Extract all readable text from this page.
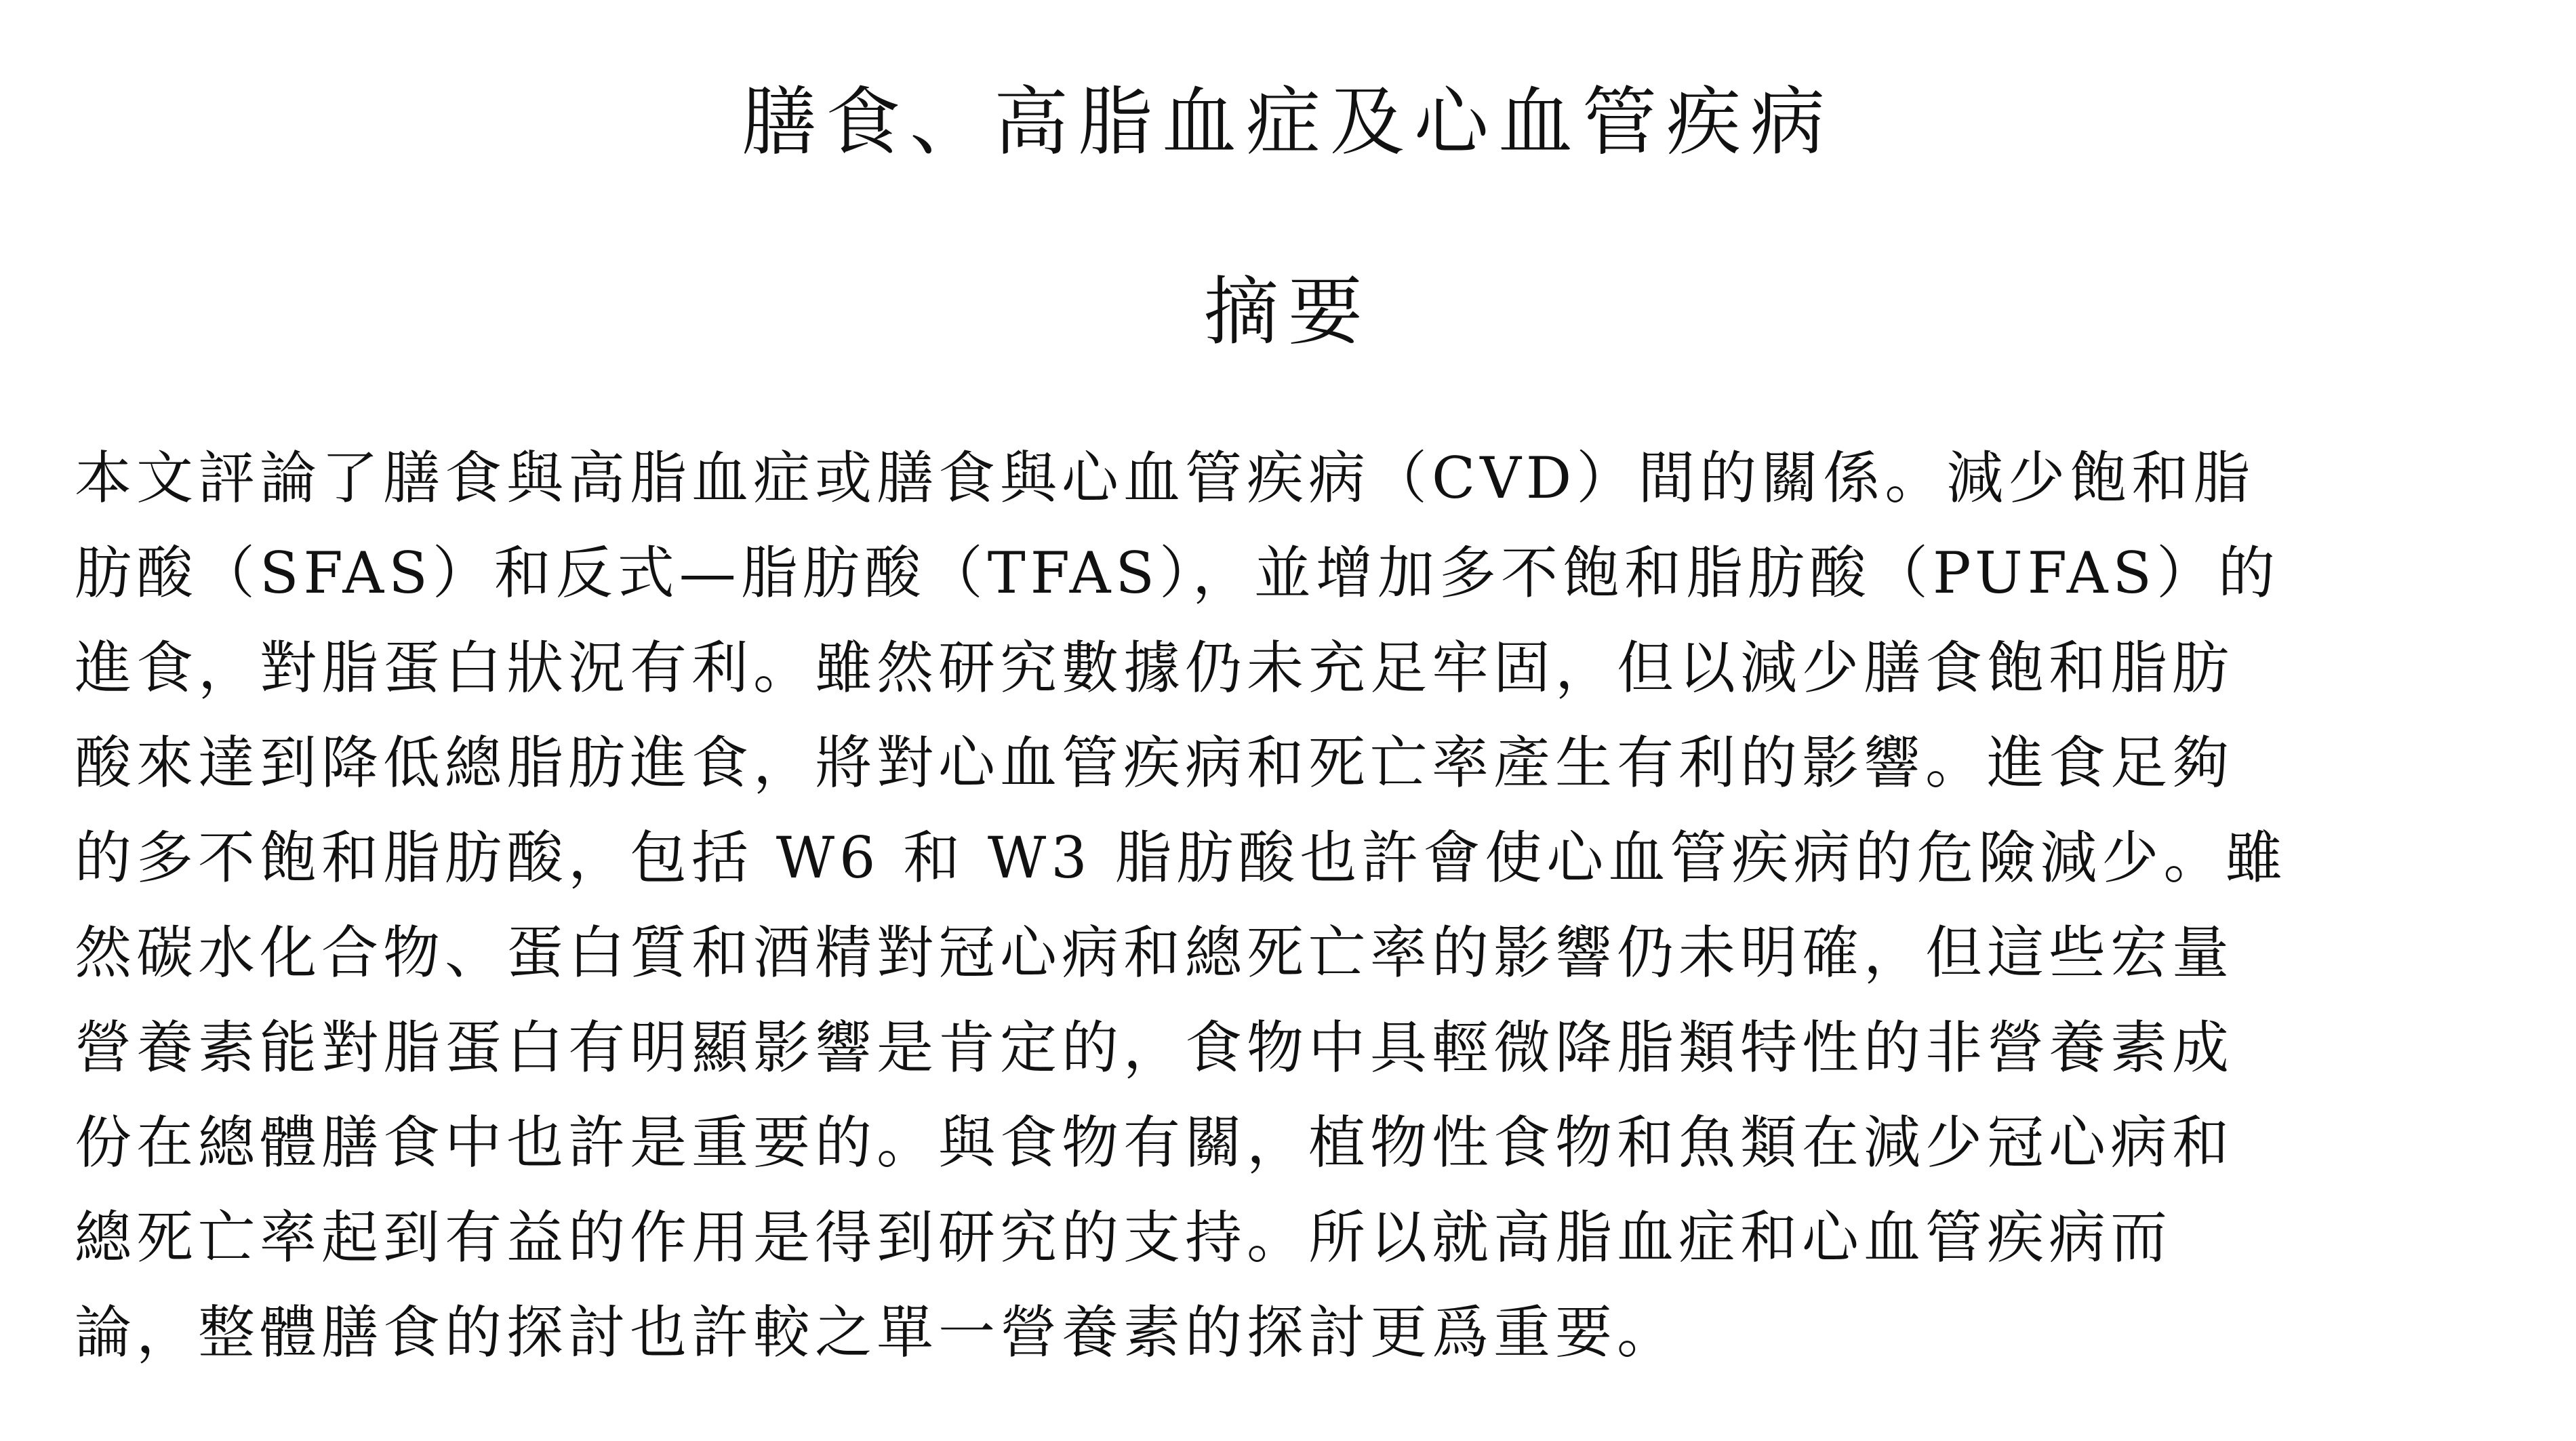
膳食、高脂血症及心血管疾病
摘要
本文評論了膳食與高脂血症或膳食與心血管疾病（CVD）間的關係。減少飽和脂
肪酸（SFAS）和反式—脂肪酸（TFAS），並增加多不飽和脂肪酸（PUFAS）的
進食，對脂蛋白狀況有利。雖然研究數據仍未充足牢固，但以減少膳食飽和脂肪
酸來達到降低總脂肪進食，將對心血管疾病和死亡率產生有利的影響。進食足夠
的多不飽和脂肪酸，包括 W6 和 W3 脂肪酸也許會使心血管疾病的危險減少。雖
然碳水化合物、蛋白質和酒精對冠心病和總死亡率的影響仍未明確，但這些宏量
營養素能對脂蛋白有明顯影響是肯定的，食物中具輕微降脂類特性的非營養素成
份在總體膳食中也許是重要的。與食物有關，植物性食物和魚類在減少冠心病和
總死亡率起到有益的作用是得到研究的支持。所以就高脂血症和心血管疾病而
論，整體膳食的探討也許較之單一營養素的探討更爲重要。
